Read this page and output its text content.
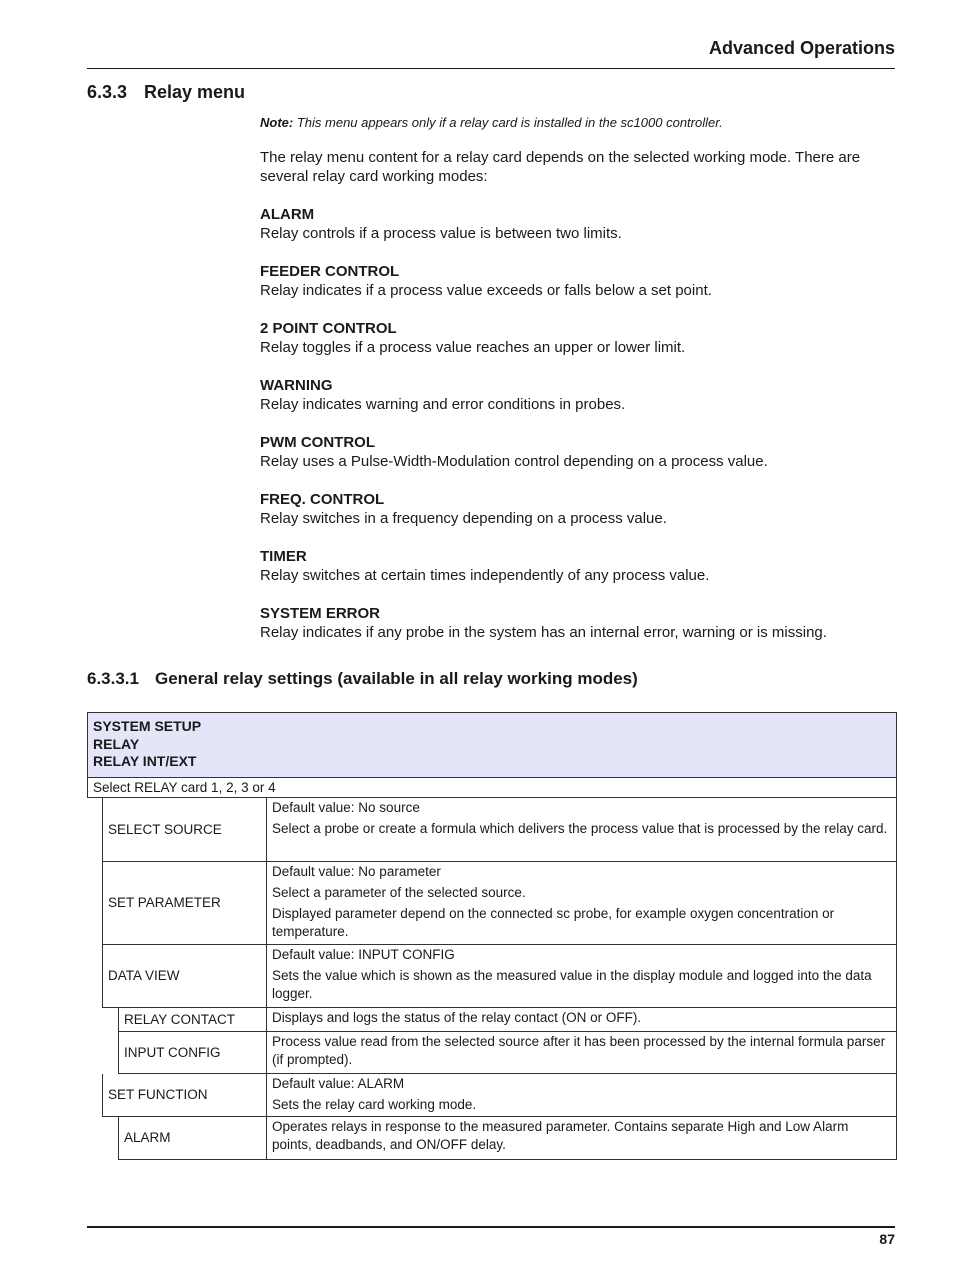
Advanced Operations
6.3.3 Relay menu

Note: This menu appears only if a relay card is installed in the sc1000 controller.

The relay menu content for a relay card depends on the selected working mode. There are several relay card working modes:

ALARM
Relay controls if a process value is between two limits.
FEEDER CONTROL
Relay indicates if a process value exceeds or falls below a set point.
2 POINT CONTROL
Relay toggles if a process value reaches an upper or lower limit.
WARNING
Relay indicates warning and error conditions in probes.
PWM CONTROL
Relay uses a Pulse-Width-Modulation control depending on a process value.
FREQ. CONTROL
Relay switches in a frequency depending on a process value.
TIMER
Relay switches at certain times independently of any process value.
SYSTEM ERROR
Relay indicates if any probe in the system has an internal error, warning or is missing.
6.3.3.1 General relay settings (available in all relay working modes)
SYSTEM SETUP
RELAY
RELAY INT/EXT
Select RELAY card 1, 2, 3 or 4
SELECT SOURCE

Default value: No source

Select a probe or create a formula which delivers the process value that is processed by the relay card.

SET PARAMETER

Default value: No parameter

Select a parameter of the selected source.

Displayed parameter depend on the connected sc probe, for example oxygen concentration or temperature.

DATA VIEW

Default value: INPUT CONFIG

Sets the value which is shown as the measured value in the display module and logged into the data logger.

RELAY CONTACT	Displays and logs the status of the relay contact (ON or OFF).

INPUT CONFIG

Process value read from the selected source after it has been processed by the internal formula parser (if prompted).

SET FUNCTION

Default value: ALARM

Sets the relay card working mode.

ALARM

Operates relays in response to the measured parameter. Contains separate High and Low Alarm points, deadbands, and ON/OFF delay.

87
